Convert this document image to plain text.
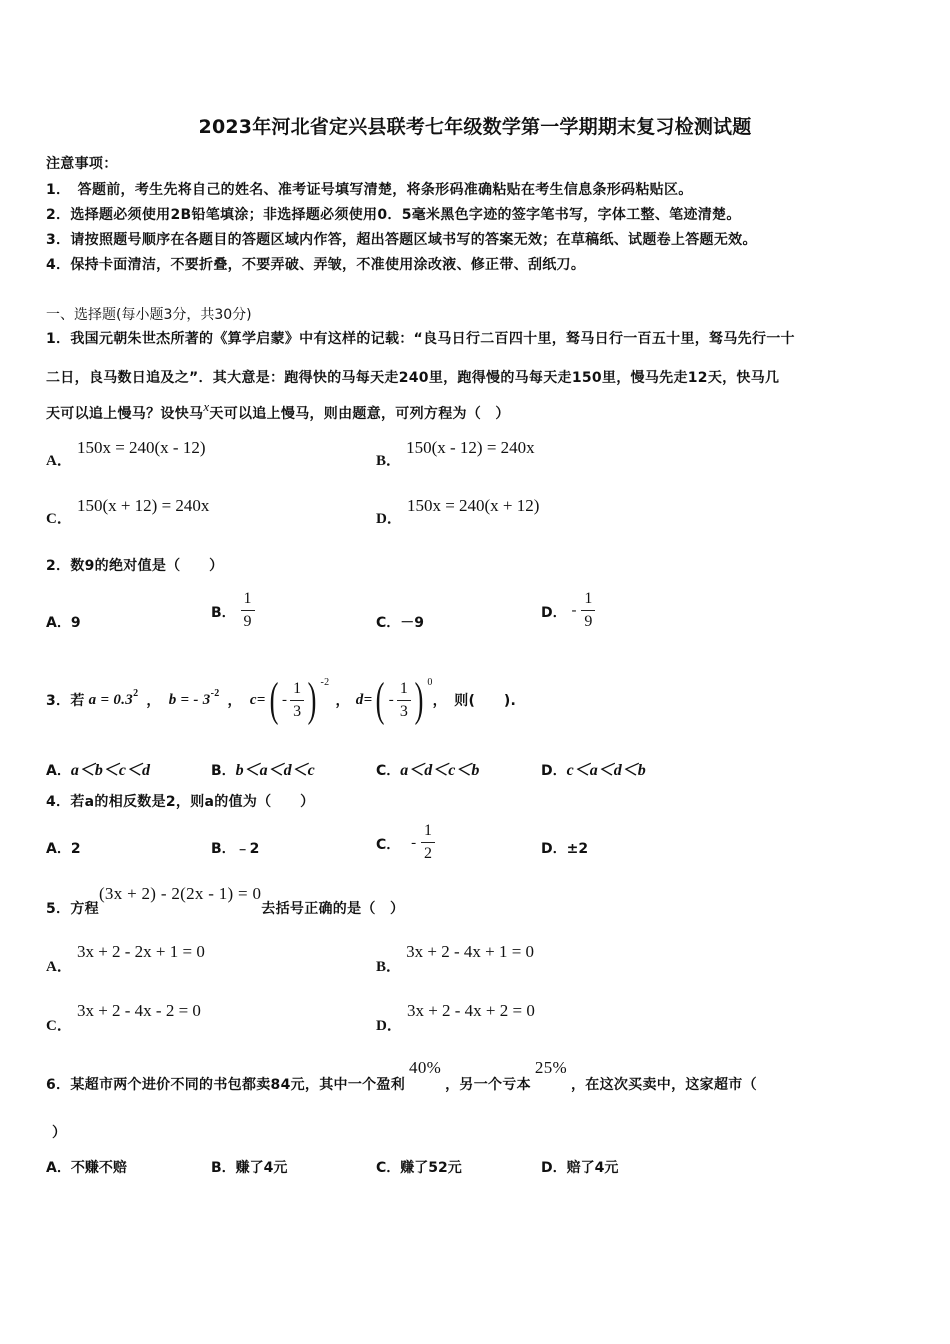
2023年河北省定兴县联考七年级数学第一学期期末复习检测试题
注意事项：
1．　答题前，考生先将自己的姓名、准考证号填写清楚，将条形码准确粘贴在考生信息条形码粘贴区。
2．选择题必须使用2B铅笔填涂；非选择题必须使用0．5毫米黑色字迹的签字笔书写，字体工整、笔迹清楚。
3．请按照题号顺序在各题目的答题区域内作答，超出答题区域书写的答案无效；在草稿纸、试题卷上答题无效。
4．保持卡面清洁，不要折叠，不要弄破、弄皱，不准使用涂改液、修正带、刮纸刀。
一、选择题(每小题3分，共30分)
1．我国元朝朱世杰所著的《算学启蒙》中有这样的记载：“良马日行二百四十里，驽马日行一百五十里，驽马先行一十
二日，良马数日追及之”．其大意是：跑得快的马每天走240里，跑得慢的马每天走150里，慢马先走12天，快马几
天可以追上慢马？设快马x天可以追上慢马，则由题意，可列方程为（　）
A． 150x = 240(x - 12)
B． 150(x - 12) = 240x
C． 150(x + 12) = 240x
D． 150x = 240(x + 12)
2．数9的绝对值是（　　）
A．9
B． $\frac{1}{9}$	C．－9
D． - $\frac{1}{9}$
3．若 a = 0.3 2 ， b = - 3 -2 ， c= ( - $\frac{1}{3}$ ) -2
， d= ( - $\frac{1}{3}$ ) 0
，　则(　　).
A．a＜b＜c＜d	B．b＜a＜d＜c	C．a＜d＜c＜b	D．c＜a＜d＜b
4．若a的相反数是2，则a的值为（　　）
A．2	B．﹣2	C． - $\frac{1}{2}$	D．±2
5．方程(3x + 2) - 2(2x - 1) = 0去括号正确的是（　）
A． 3x + 2 - 2x + 1 = 0
B． 3x + 2 - 4x + 1 = 0
C． 3x + 2 - 4x - 2 = 0
D． 3x + 2 - 4x + 2 = 0
6．某超市两个进价不同的书包都卖84元，其中一个盈利40%，另一个亏本25%，在这次买卖中，这家超市（
）
A．不赚不赔	B．赚了4元	C．赚了52元	D．赔了4元
